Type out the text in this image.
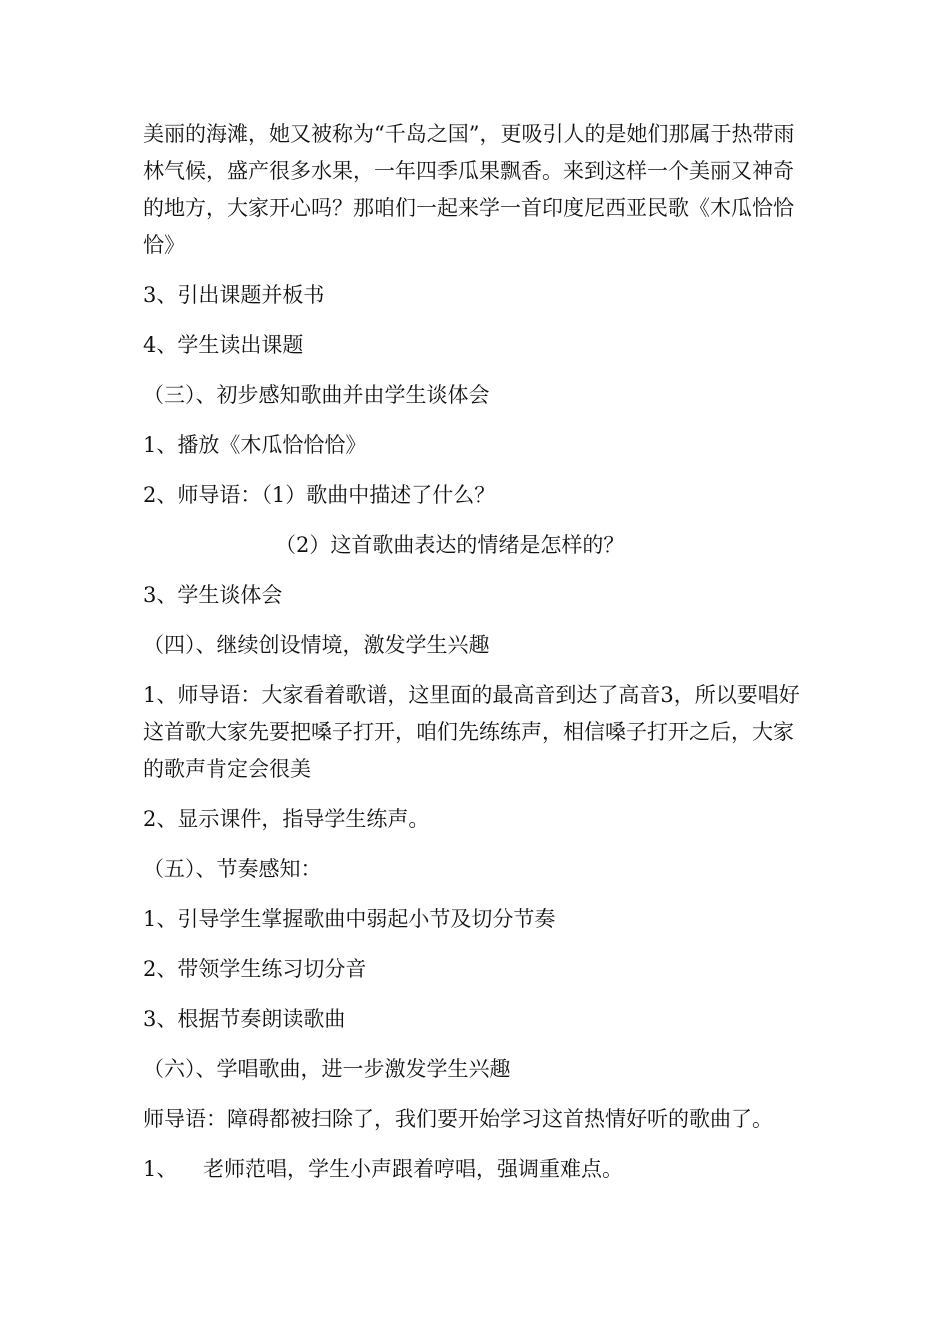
美丽的海滩，她又被称为“千岛之国”，更吸引人的是她们那属于热带雨林气候，盛产很多水果，一年四季瓜果飘香。来到这样一个美丽又神奇的地方，大家开心吗？那咱们一起来学一首印度尼西亚民歌《木瓜恰恰恰》

3、引出课题并板书

4、学生读出课题

（三）、初步感知歌曲并由学生谈体会

1、播放《木瓜恰恰恰》

2、师导语：（1）歌曲中描述了什么？

（2）这首歌曲表达的情绪是怎样的？

3、学生谈体会

（四）、继续创设情境，激发学生兴趣

1、师导语：大家看着歌谱，这里面的最高音到达了高音3，所以要唱好这首歌大家先要把嗓子打开，咱们先练练声，相信嗓子打开之后，大家的歌声肯定会很美

2、显示课件，指导学生练声。

（五）、节奏感知：

1、引导学生掌握歌曲中弱起小节及切分节奏

2、带领学生练习切分音

3、根据节奏朗读歌曲

（六）、学唱歌曲，进一步激发学生兴趣

师导语：障碍都被扫除了，我们要开始学习这首热情好听的歌曲了。

1、 老师范唱，学生小声跟着哼唱，强调重难点。
